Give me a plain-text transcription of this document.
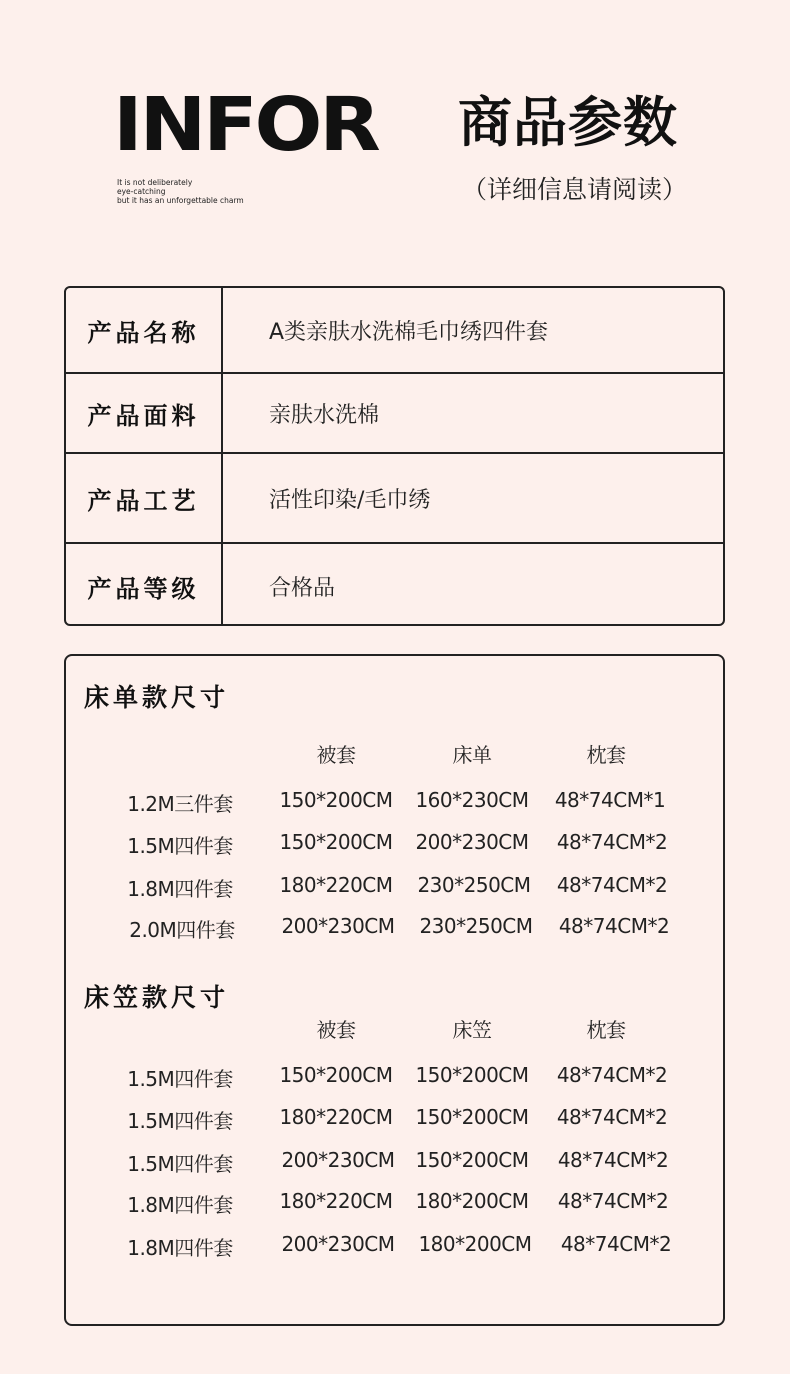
INFOR
It is not deliberately
eye-catching
but it has an unforgettable charm
商品参数
（详细信息请阅读）
产品名称	A类亲肤水洗棉毛巾绣四件套
产品面料	亲肤水洗棉
产品工艺	活性印染/毛巾绣
产品等级	合格品
床单款尺寸
被套	床单	枕套
1.2M三件套 150*200CM 160*230CM 48*74CM*1
1.5M四件套 150*200CM 200*230CM 48*74CM*2
1.8M四件套 180*220CM 230*250CM 48*74CM*2
2.0M四件套 200*230CM 230*250CM 48*74CM*2
床笠款尺寸
被套	床笠	枕套
1.5M四件套 150*200CM 150*200CM 48*74CM*2
1.5M四件套 180*220CM 150*200CM 48*74CM*2
1.5M四件套 200*230CM 150*200CM 48*74CM*2
1.8M四件套 180*220CM 180*200CM 48*74CM*2
1.8M四件套 200*230CM 180*200CM 48*74CM*2
